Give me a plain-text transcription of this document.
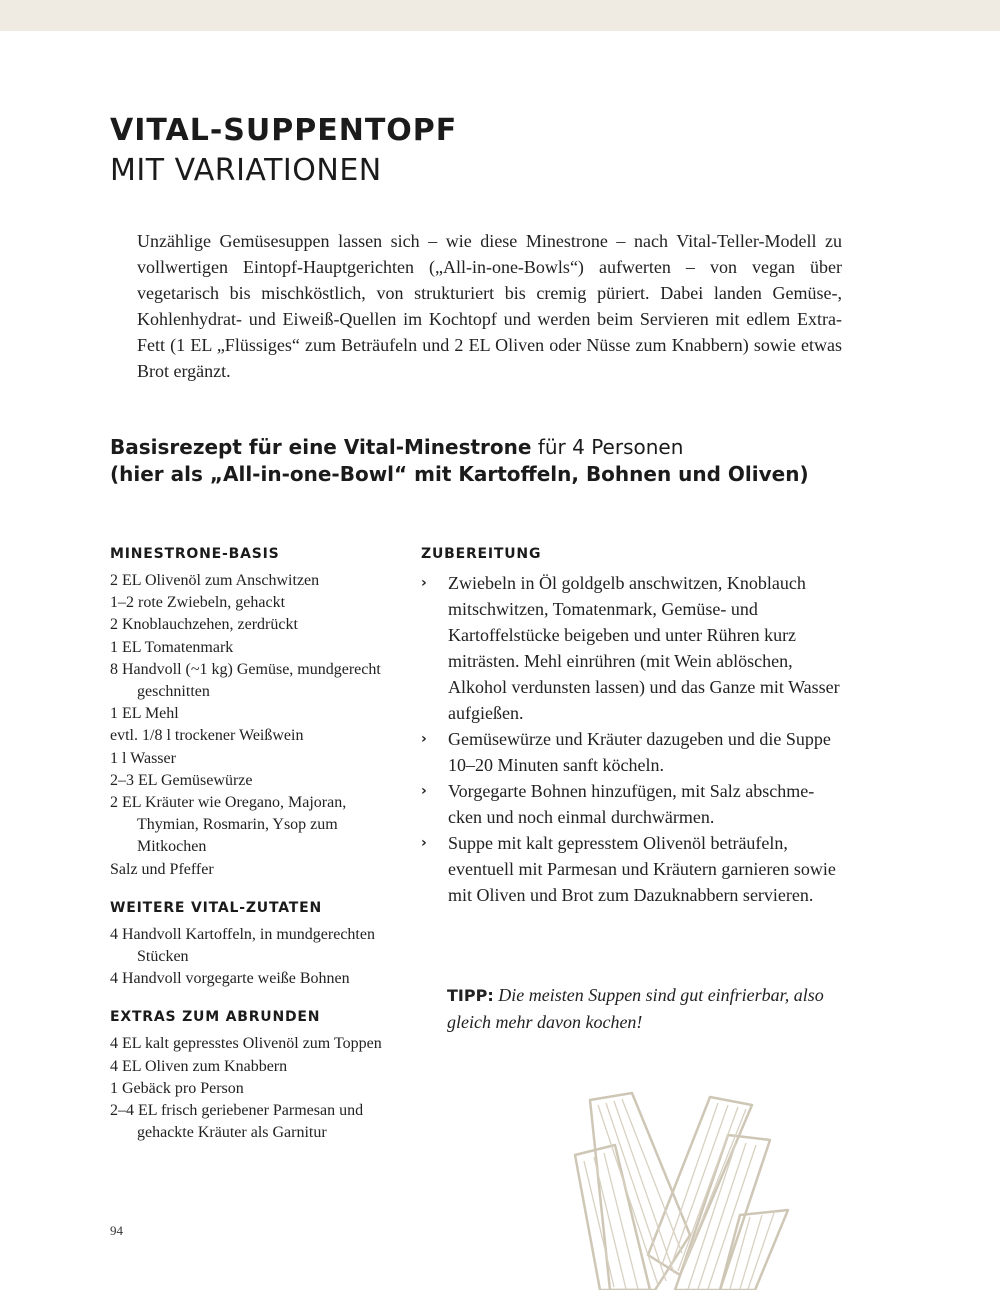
VITAL-SUPPENTOPF
MIT VARIATIONEN

Unzählige Gemüsesuppen lassen sich – wie diese Minestrone – nach Vital-Teller-Modell zu vollwertigen Eintopf-Hauptgerichten („All-in-one-Bowls“) aufwerten – von vegan über vegetarisch bis mischköstlich, von strukturiert bis cremig püriert. Dabei landen Gemüse-, Kohlenhydrat- und Eiweiß-Quellen im Kochtopf und werden beim Servieren mit edlem Extra-Fett (1 EL „Flüssiges“ zum Beträufeln und 2 EL Oliven oder Nüsse zum Knabbern) sowie etwas Brot ergänzt.

Basisrezept für eine Vital-Minestrone für 4 Personen
(hier als „All-in-one-Bowl“ mit Kartoffeln, Bohnen und Oliven)
MINESTRONE-BASIS
2 EL Olivenöl zum Anschwitzen
1–2 rote Zwiebeln, gehackt
2 Knoblauchzehen, zerdrückt
1 EL Tomatenmark
8 Handvoll (~1 kg) Gemüse, mundgerecht geschnitten
1 EL Mehl
evtl. 1/8 l trockener Weißwein
1 l Wasser
2–3 EL Gemüsewürze
2 EL Kräuter wie Oregano, Majoran, Thymian, Rosmarin, Ysop zum Mitkochen
Salz und Pfeffer
WEITERE VITAL-ZUTATEN
4 Handvoll Kartoffeln, in mundgerechten Stücken
4 Handvoll vorgegarte weiße Bohnen
EXTRAS ZUM ABRUNDEN
4 EL kalt gepresstes Olivenöl zum Toppen
4 EL Oliven zum Knabbern
1 Gebäck pro Person
2–4 EL frisch geriebener Parmesan und gehackte Kräuter als Garnitur
ZUBEREITUNG
› Zwiebeln in Öl goldgelb anschwitzen, Knoblauch mitschwitzen, Tomatenmark, Gemüse- und Kartoffelstücke beigeben und unter Rühren kurz miträsten. Mehl einrühren (mit Wein ablöschen, Alkohol verdunsten lassen) und das Ganze mit Wasser aufgießen.
› Gemüsewürze und Kräuter dazugeben und die Suppe 10–20 Minuten sanft köcheln.
› Vorgegarte Bohnen hinzufügen, mit Salz abschmecken und noch einmal durchwärmen.
› Suppe mit kalt gepresstem Olivenöl beträufeln, eventuell mit Parmesan und Kräutern garnieren sowie mit Oliven und Brot zum Dazuknabbern servieren.

TIPP: Die meisten Suppen sind gut einfrierbar, also gleich mehr davon kochen!

94
